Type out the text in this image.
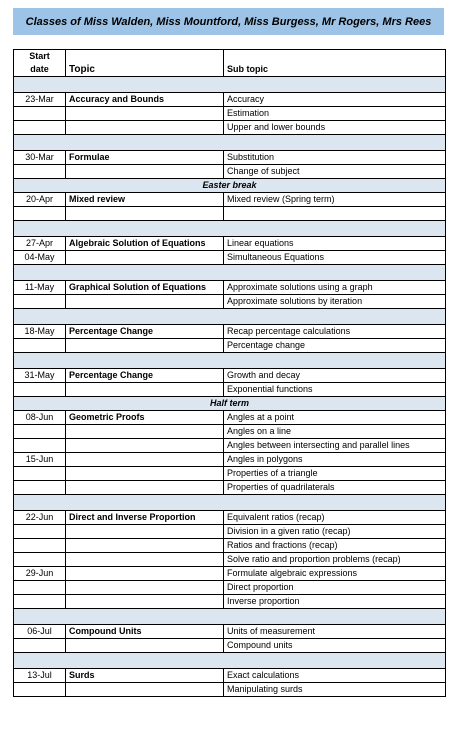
Classes of Miss Walden, Miss Mountford, Miss Burgess, Mr Rogers, Mrs Rees
Start
date	Topic	Sub topic

23-Mar	Accuracy and Bounds	Accuracy
		Estimation
		Upper and lower bounds

30-Mar	Formulae	Substitution
		Change of subject
Easter break		
20-Apr	Mixed review	Mixed review (Spring term)

27-Apr	Algebraic Solution of Equations	Linear equations
04-May		Simultaneous Equations

11-May	Graphical Solution of Equations	Approximate solutions using a graph
		Approximate solutions by iteration

18-May	Percentage Change	Recap percentage calculations
		Percentage change

31-May	Percentage Change	Growth and decay
		Exponential functions
Half term		
08-Jun	Geometric Proofs	Angles at a point
		Angles on a line
		Angles between intersecting and parallel lines
15-Jun		Angles in polygons
		Properties of a triangle
		Properties of quadrilaterals

22-Jun	Direct and Inverse Proportion	Equivalent ratios (recap)
		Division in a given ratio (recap)
		Ratios and fractions (recap)
		Solve ratio and proportion problems (recap)
29-Jun		Formulate algebraic expressions
		Direct proportion
		Inverse proportion

06-Jul	Compound Units	Units of measurement
		Compound units

13-Jul	Surds	Exact calculations
		Manipulating surds
